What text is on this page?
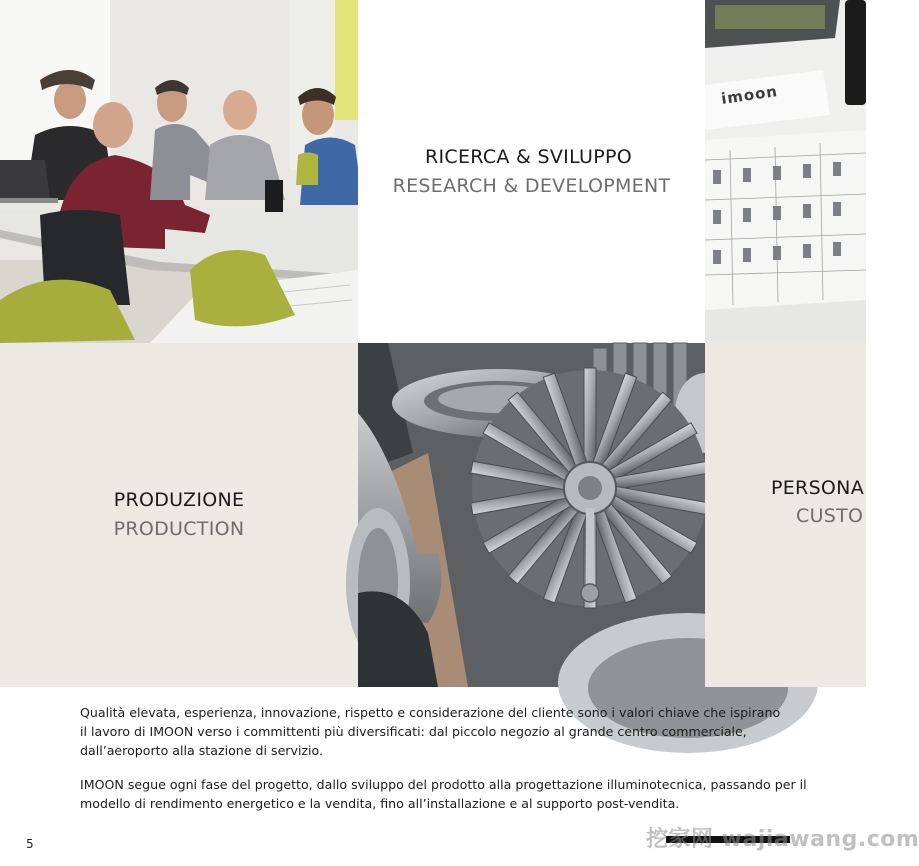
RICERCA & SVILUPPO
RESEARCH & DEVELOPMENT
imoon
PRODUZIONE
PRODUCTION
PERSONA
CUSTO

Qualità elevata, esperienza, innovazione, rispetto e considerazione del cliente sono i valori chiave che ispirano
il lavoro di IMOON verso i committenti più diversificati: dal piccolo negozio al grande centro commerciale,
dall’aeroporto alla stazione di servizio.

IMOON segue ogni fase del progetto, dallo sviluppo del prodotto alla progettazione illuminotecnica, passando per il
modello di rendimento energetico e la vendita, fino all’installazione e al supporto post-vendita.

5	挖家网 wajiawang.com
